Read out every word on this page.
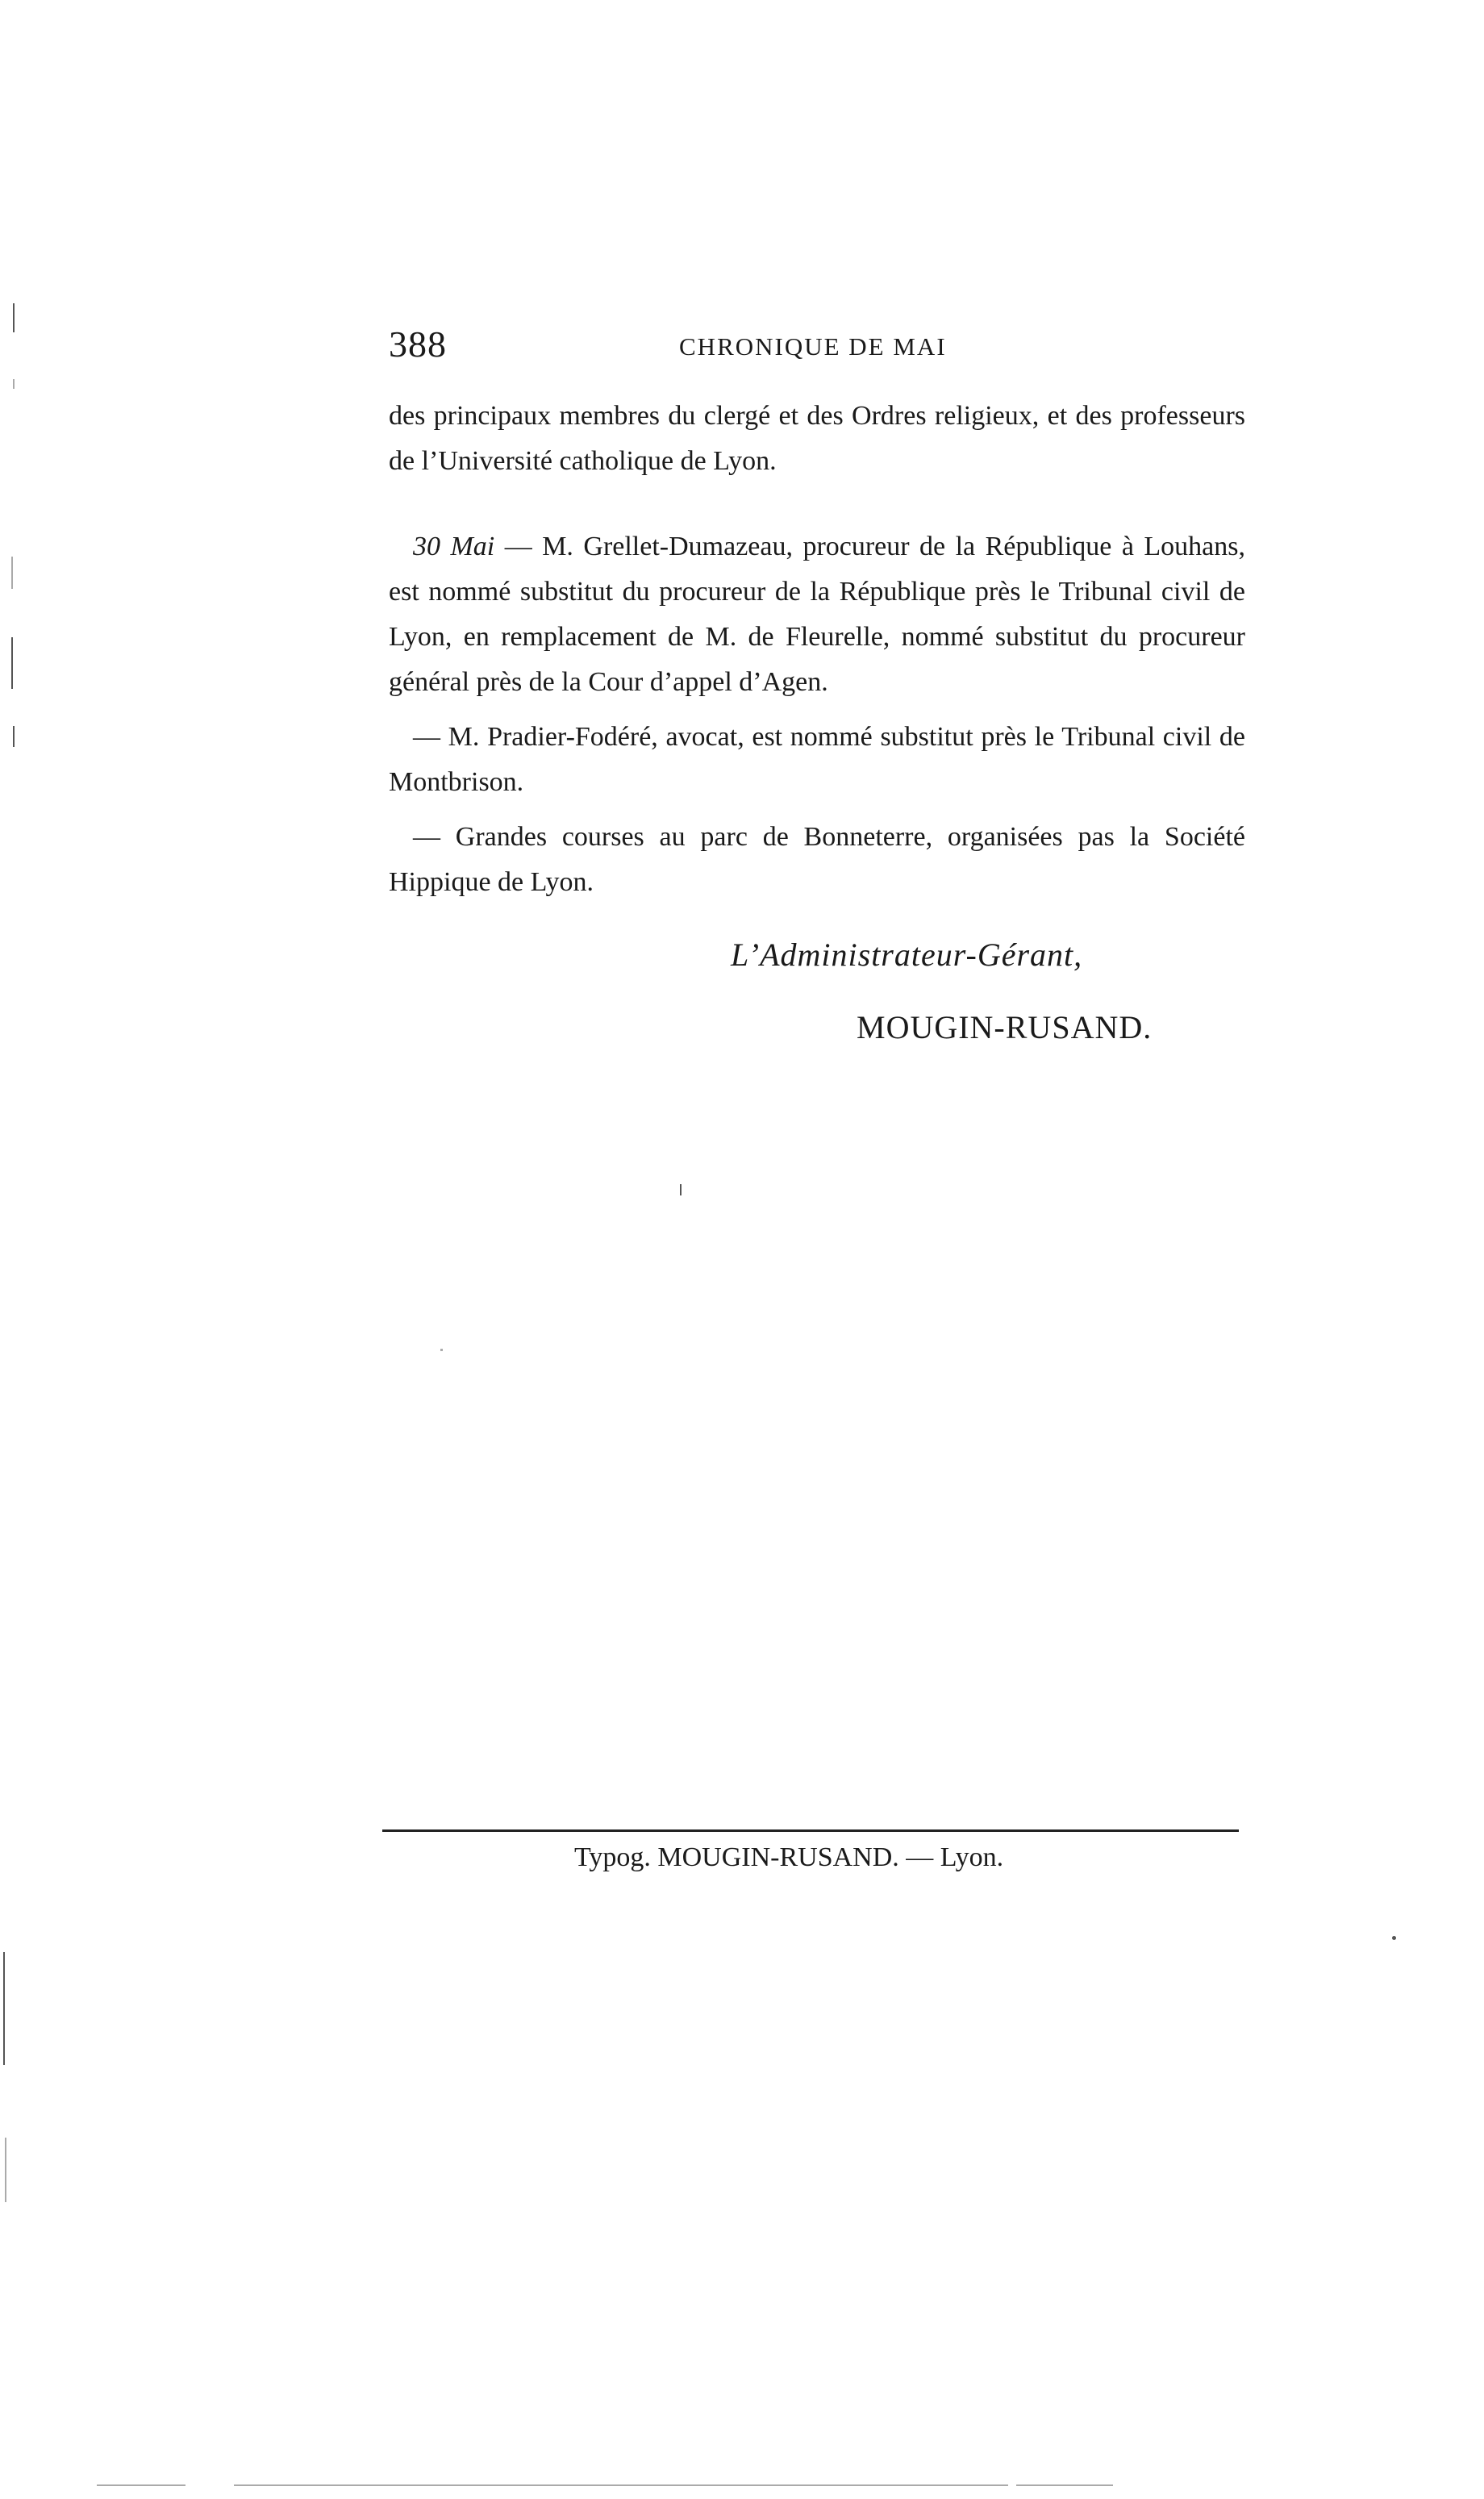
388	CHRONIQUE DE MAI

des principaux membres du clergé et des Ordres religieux, et des professeurs de l’Université catholique de Lyon.

30 Mai — M. Grellet-Dumazeau, procureur de la République à Louhans, est nommé substitut du procureur de la République près le Tribunal civil de Lyon, en remplacement de M. de Fleurelle, nommé substitut du procureur général près de la Cour d’appel d’Agen.

— M. Pradier-Fodéré, avocat, est nommé substitut près le Tribunal civil de Montbrison.

— Grandes courses au parc de Bonneterre, organisées pas la Société Hippique de Lyon.

L’Administrateur-Gérant,
MOUGIN-RUSAND.
Typog. MOUGIN-RUSAND. — Lyon.
